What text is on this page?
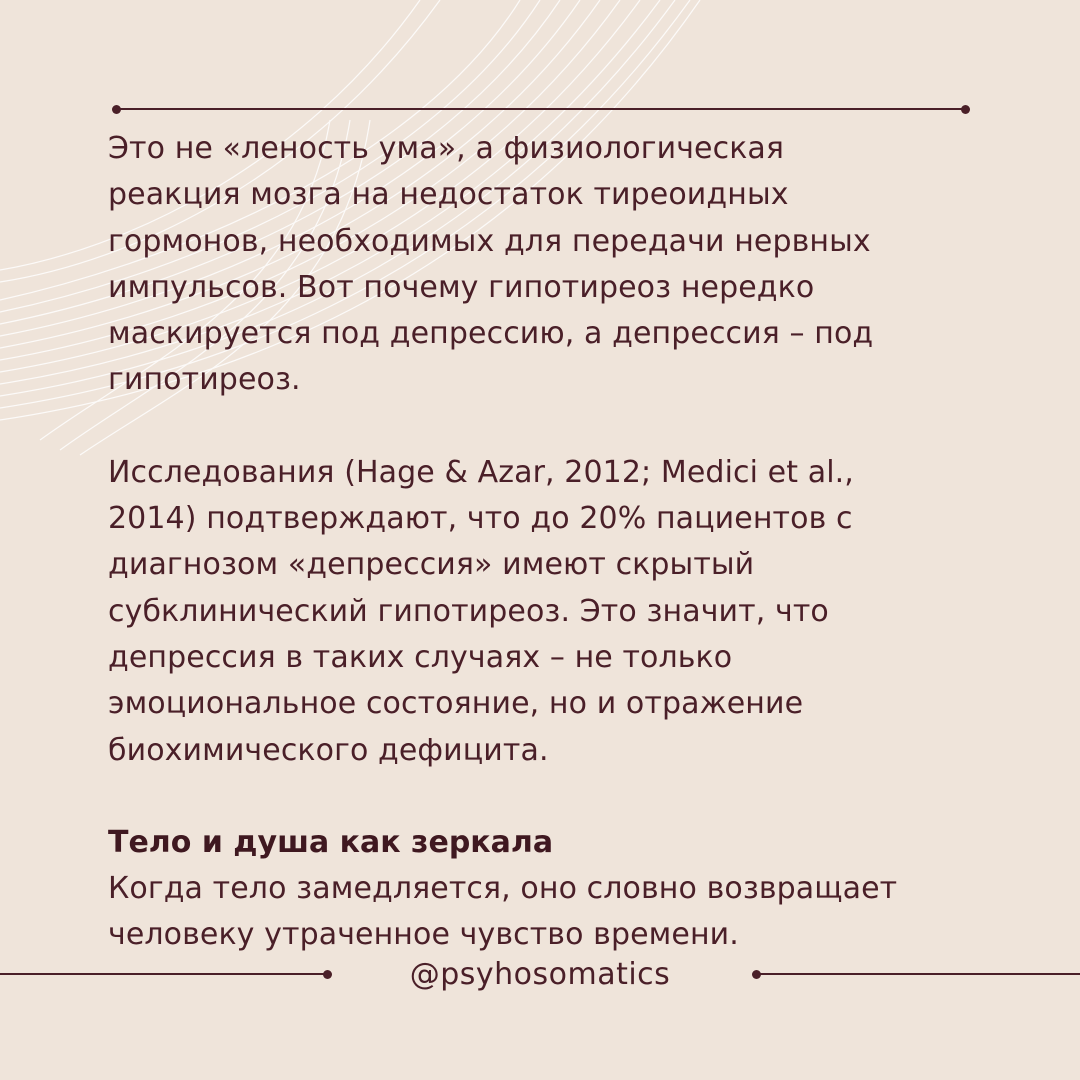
Это не «леность ума», а физиологическая
реакция мозга на недостаток тиреоидных
гормонов, необходимых для передачи нервных
импульсов. Вот почему гипотиреоз нередко
маскируется под депрессию, а депрессия – под
гипотиреоз.

Исследования (Hage & Azar, 2012; Medici et al.,
2014) подтверждают, что до 20% пациентов с
диагнозом «депрессия» имеют скрытый
субклинический гипотиреоз. Это значит, что
депрессия в таких случаях – не только
эмоциональное состояние, но и отражение
биохимического дефицита.

Тело и душа как зеркала

Когда тело замедляется, оно словно возвращает
человеку утраченное чувство времени.

@psyhosomatics
